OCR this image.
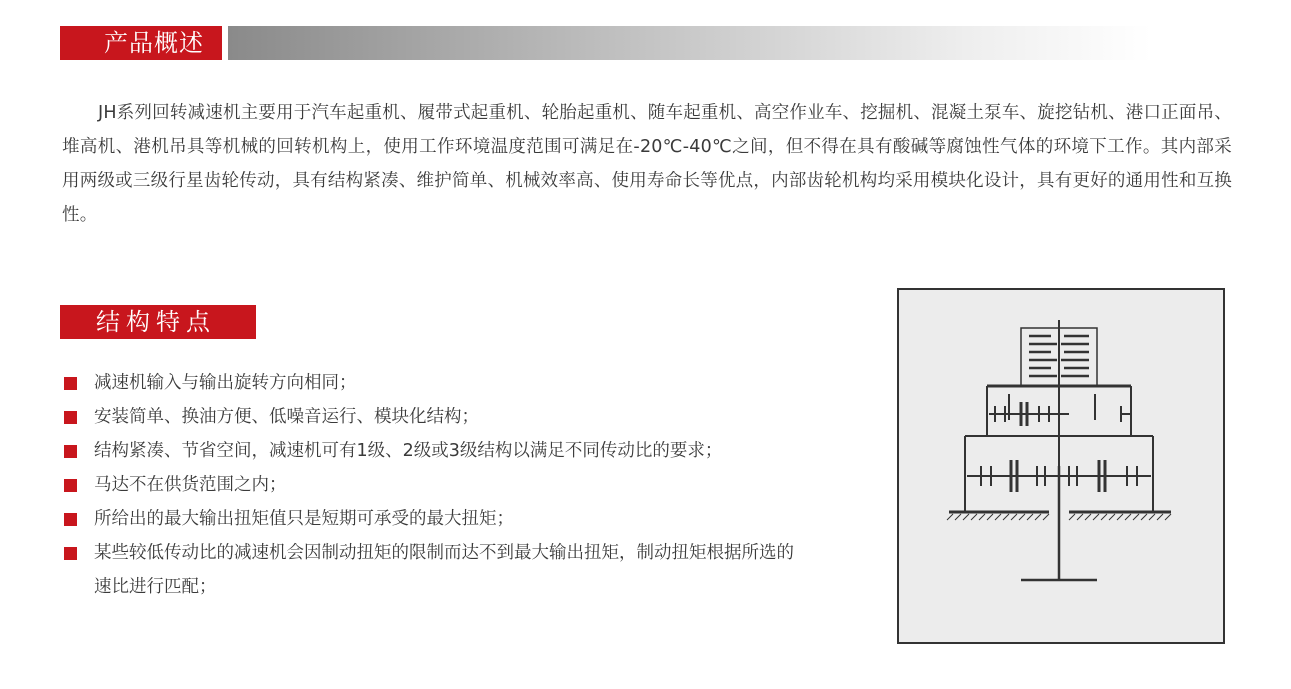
产品概述

JH系列回转减速机主要用于汽车起重机、履带式起重机、轮胎起重机、随车起重机、高空作业车、挖掘机、混凝土泵车、旋挖钻机、港口正面吊、堆高机、港机吊具等机械的回转机构上，使用工作环境温度范围可满足在-20℃-40℃之间，但不得在具有酸碱等腐蚀性气体的环境下工作。其内部采用两级或三级行星齿轮传动，具有结构紧凑、维护简单、机械效率高、使用寿命长等优点，内部齿轮机构均采用模块化设计，具有更好的通用性和互换性。

结构特点
减速机输入与输出旋转方向相同；
安装简单、换油方便、低噪音运行、模块化结构；
结构紧凑、节省空间，减速机可有1级、2级或3级结构以满足不同传动比的要求；
马达不在供货范围之内；
所给出的最大输出扭矩值只是短期可承受的最大扭矩；
某些较低传动比的减速机会因制动扭矩的限制而达不到最大输出扭矩，制动扭矩根据所选的速比进行匹配；
